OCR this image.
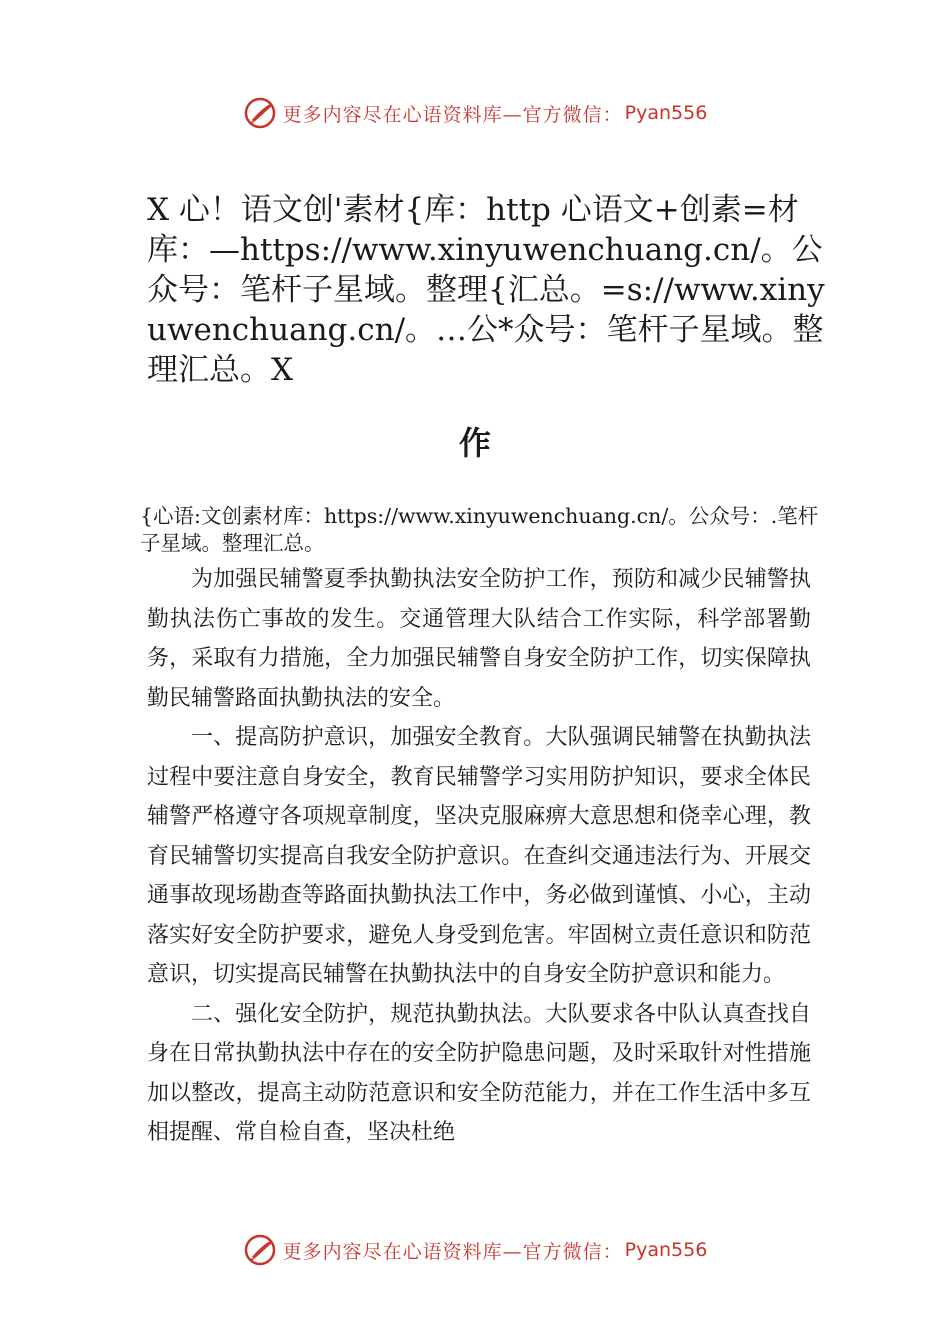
更多内容尽在心语资料库—官方微信： Pyan556
X 心！语文创'素材{库：http 心语文+创素=材库：—https://www.xinyuwenchuang.cn/。公众号：笔杆子星域。整理{汇总。=s://www.xinyuwenchuang.cn/。…公*众号：笔杆子星域。整理汇总。X
作
{心语:文创素材库：https://www.xinyuwenchuang.cn/。公众号：.笔杆子星域。整理汇总。

为加强民辅警夏季执勤执法安全防护工作，预防和减少民辅警执勤执法伤亡事故的发生。交通管理大队结合工作实际，科学部署勤务，采取有力措施，全力加强民辅警自身安全防护工作，切实保障执勤民辅警路面执勤执法的安全。

一、提高防护意识，加强安全教育。大队强调民辅警在执勤执法过程中要注意自身安全，教育民辅警学习实用防护知识，要求全体民辅警严格遵守各项规章制度，坚决克服麻痹大意思想和侥幸心理，教育民辅警切实提高自我安全防护意识。在查纠交通违法行为、开展交通事故现场勘查等路面执勤执法工作中，务必做到谨慎、小心，主动落实好安全防护要求，避免人身受到危害。牢固树立责任意识和防范意识，切实提高民辅警在执勤执法中的自身安全防护意识和能力。

二、强化安全防护，规范执勤执法。大队要求各中队认真查找自身在日常执勤执法中存在的安全防护隐患问题，及时采取针对性措施加以整改，提高主动防范意识和安全防范能力，并在工作生活中多互相提醒、常自检自查，坚决杜绝

更多内容尽在心语资料库—官方微信： Pyan556
